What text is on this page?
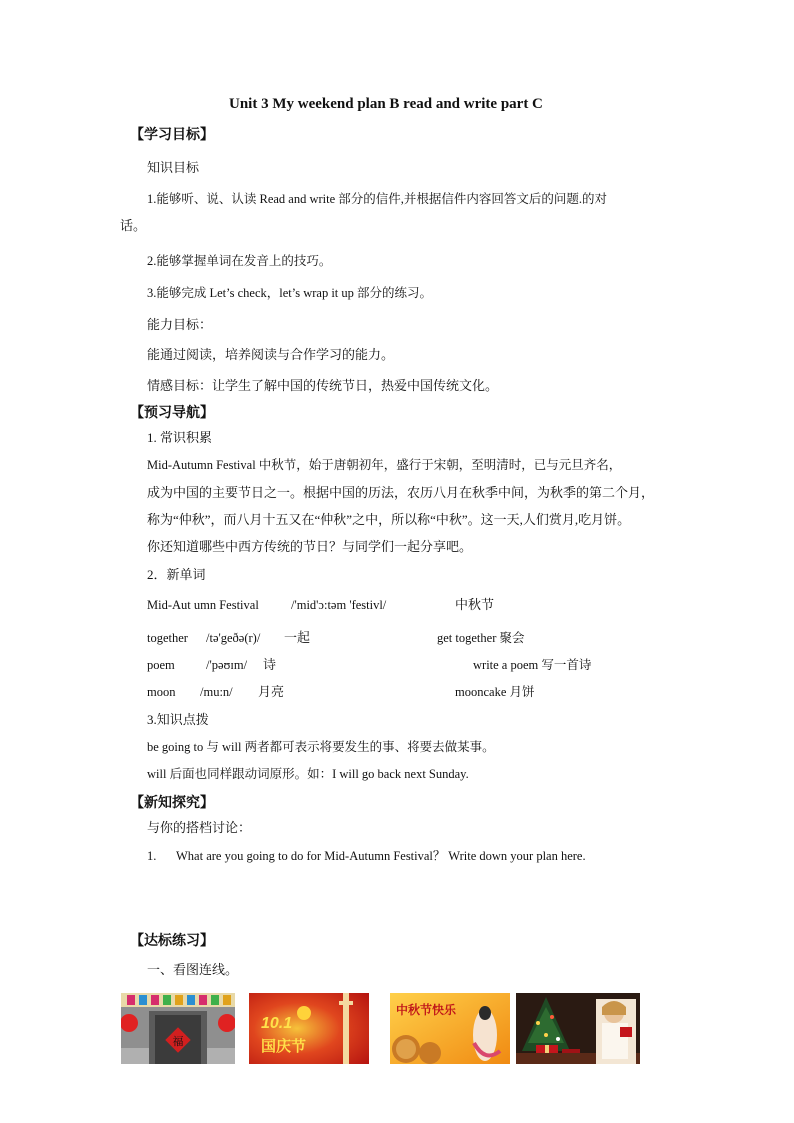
Unit 3 My weekend plan B read and write part C
【学习目标】
知识目标
1.能够听、说、认读 Read and write 部分的信件,并根据信件内容回答文后的问题.的对
话。
2.能够掌握单词在发音上的技巧。
3.能够完成 Let’s check，let’s wrap it up 部分的练习。
能力目标：
能通过阅读，培养阅读与合作学习的能力。
情感目标：让学生了解中国的传统节日，热爱中国传统文化。
【预习导航】
1. 常识积累
Mid-Autumn Festival 中秋节，始于唐朝初年，盛行于宋朝，至明清时，已与元旦齐名，
成为中国的主要节日之一。根据中国的历法，农历八月在秋季中间，为秋季的第二个月，
称为“仲秋”，而八月十五又在“仲秋”之中，所以称“中秋”。这一天,人们赏月,吃月饼。
你还知道哪些中西方传统的节日？与同学们一起分享吧。
2．新单词
Mid-Aut umn Festival	/'mid'ɔ:təm 'festivl/	中秋节
together /tə'geðə(r)/ 一起	get together 聚会
poem /'pəʊɪm/ 诗	write a poem 写一首诗
moon /mu:n/ 月亮	mooncake 月饼
3.知识点拨
be going to 与 will 两者都可表示将要发生的事、将要去做某事。
will 后面也同样跟动词原形。如：I will go back next Sunday.
【新知探究】
与你的搭档讨论：
1. What are you going to do for Mid-Autumn Festival？ Write down your plan here.
【达标练习】
一、看图连线。
福
10.1
国庆节
中秋节快乐
